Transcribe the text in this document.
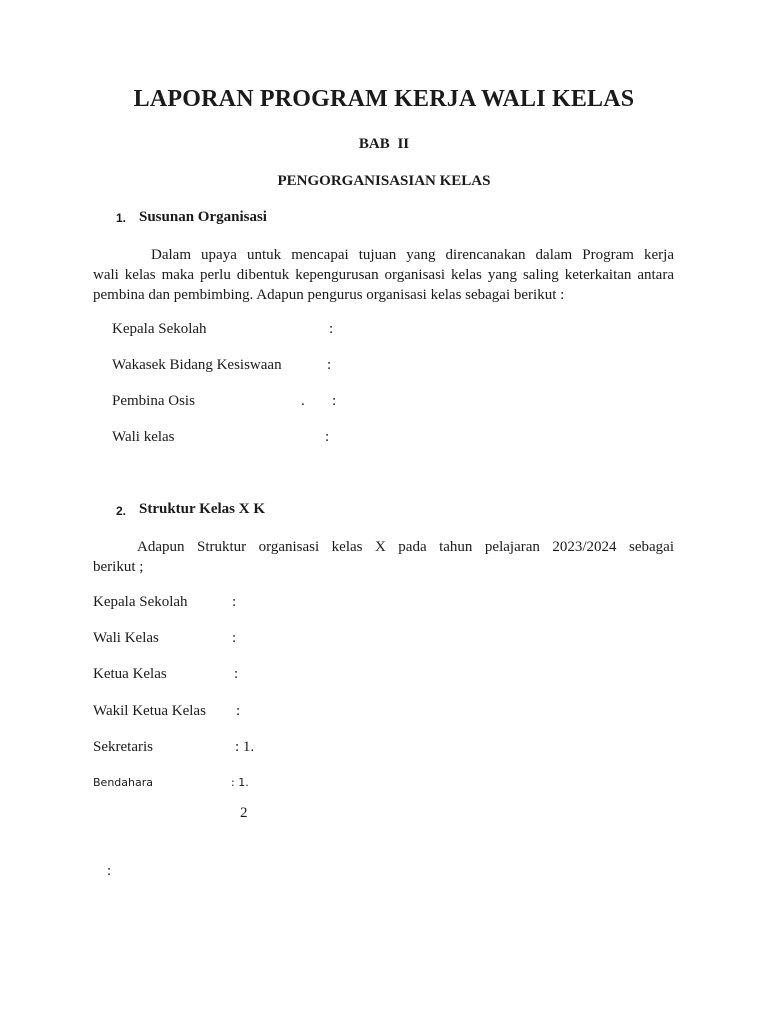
LAPORAN PROGRAM KERJA WALI KELAS
BAB II
PENGORGANISASIAN KELAS
1. Susunan Organisasi
Dalam upaya untuk mencapai tujuan yang direncanakan dalam Program kerja
wali kelas maka perlu dibentuk kepengurusan organisasi kelas yang saling keterkaitan antara
pembina dan pembimbing. Adapun pengurus organisasi kelas sebagai berikut :
Kepala Sekolah	:
Wakasek Bidang Kesiswaan	:
Pembina Osis	. :
Wali kelas	:
2. Struktur Kelas X K
Adapun Struktur organisasi kelas X pada tahun pelajaran 2023/2024 sebagai
berikut ;
Kepala Sekolah	:
Wali Kelas	:
Ketua Kelas	:
Wakil Ketua Kelas :
Sekretaris	: 1.
Bendahara	: 1.
2
:
